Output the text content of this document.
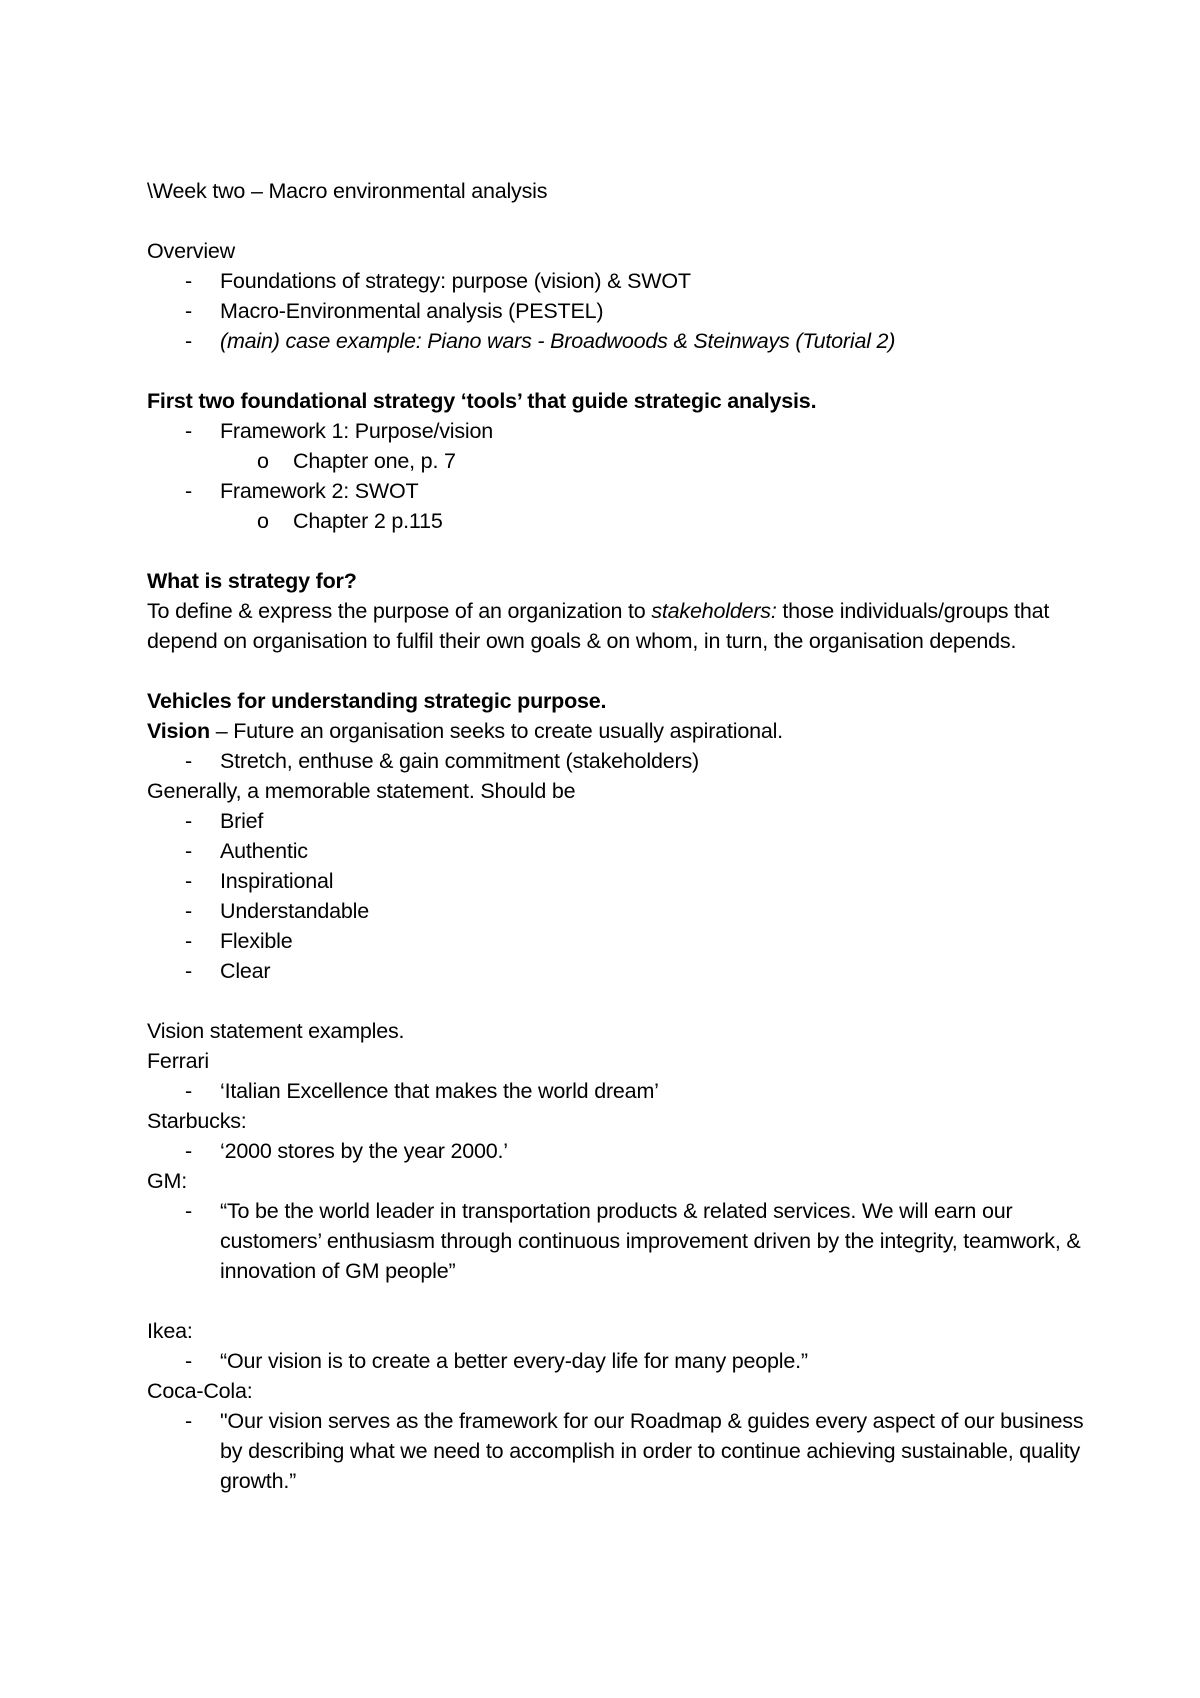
\Week two – Macro environmental analysis

Overview

- Foundations of strategy: purpose (vision) & SWOT
- Macro-Environmental analysis (PESTEL)
- (main) case example: Piano wars - Broadwoods & Steinways (Tutorial 2)

First two foundational strategy ‘tools’ that guide strategic analysis.

- Framework 1: Purpose/vision
o Chapter one, p. 7
- Framework 2: SWOT
o Chapter 2 p.115

What is strategy for?

To define & express the purpose of an organization to stakeholders: those individuals/groups that depend on organisation to fulfil their own goals & on whom, in turn, the organisation depends.

Vehicles for understanding strategic purpose.

Vision – Future an organisation seeks to create usually aspirational.

- Stretch, enthuse & gain commitment (stakeholders)

Generally, a memorable statement. Should be

- Brief
- Authentic
- Inspirational
- Understandable
- Flexible
- Clear

Vision statement examples.

Ferrari

- ‘Italian Excellence that makes the world dream’

Starbucks:

- ‘2000 stores by the year 2000.’

GM:

- “To be the world leader in transportation products & related services. We will earn our customers’ enthusiasm through continuous improvement driven by the integrity, teamwork, & innovation of GM people”

Ikea:

- “Our vision is to create a better every-day life for many people.”

Coca-Cola:

- "Our vision serves as the framework for our Roadmap & guides every aspect of our business by describing what we need to accomplish in order to continue achieving sustainable, quality growth.”
